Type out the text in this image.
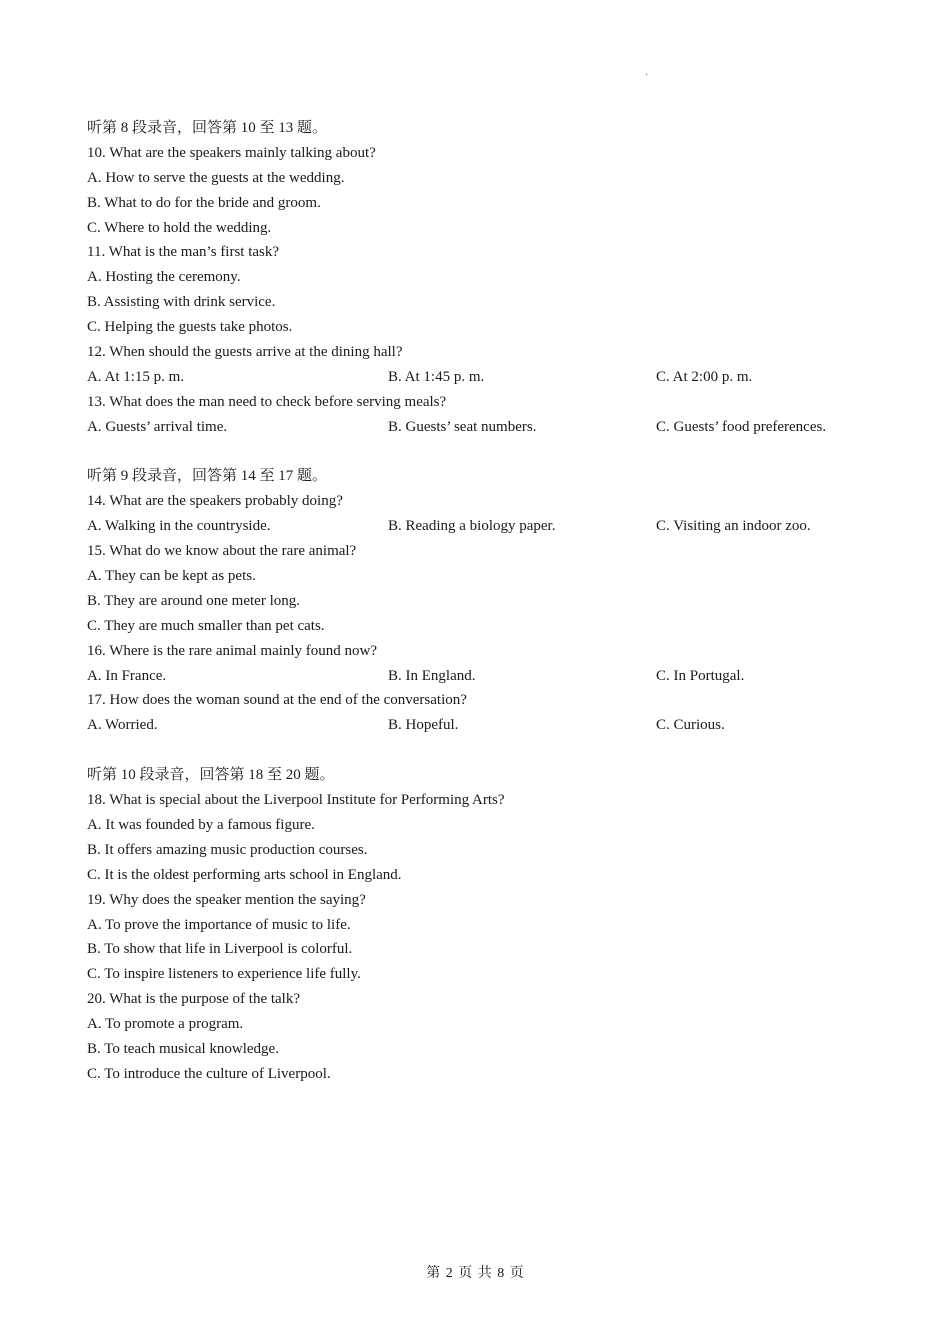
·
听第 8 段录音，回答第 10 至 13 题。
10. What are the speakers mainly talking about?
A. How to serve the guests at the wedding.
B. What to do for the bride and groom.
C. Where to hold the wedding.
11. What is the man’s first task?
A. Hosting the ceremony.
B. Assisting with drink service.
C. Helping the guests take photos.
12. When should the guests arrive at the dining hall?
A. At 1:15 p. m.	B. At 1:45 p. m.	C. At 2:00 p. m.
13. What does the man need to check before serving meals?
A. Guests’ arrival time.	B. Guests’ seat numbers.	C. Guests’ food preferences.
听第 9 段录音，回答第 14 至 17 题。
14. What are the speakers probably doing?
A. Walking in the countryside.	B. Reading a biology paper.	C. Visiting an indoor zoo.
15. What do we know about the rare animal?
A. They can be kept as pets.
B. They are around one meter long.
C. They are much smaller than pet cats.
16. Where is the rare animal mainly found now?
A. In France.	B. In England.	C. In Portugal.
17. How does the woman sound at the end of the conversation?
A. Worried.	B. Hopeful.	C. Curious.
听第 10 段录音，回答第 18 至 20 题。
18. What is special about the Liverpool Institute for Performing Arts?
A. It was founded by a famous figure.
B. It offers amazing music production courses.
C. It is the oldest performing arts school in England.
19. Why does the speaker mention the saying?
A. To prove the importance of music to life.
B. To show that life in Liverpool is colorful.
C. To inspire listeners to experience life fully.
20. What is the purpose of the talk?
A. To promote a program.
B. To teach musical knowledge.
C. To introduce the culture of Liverpool.
第 2 页 共 8 页
